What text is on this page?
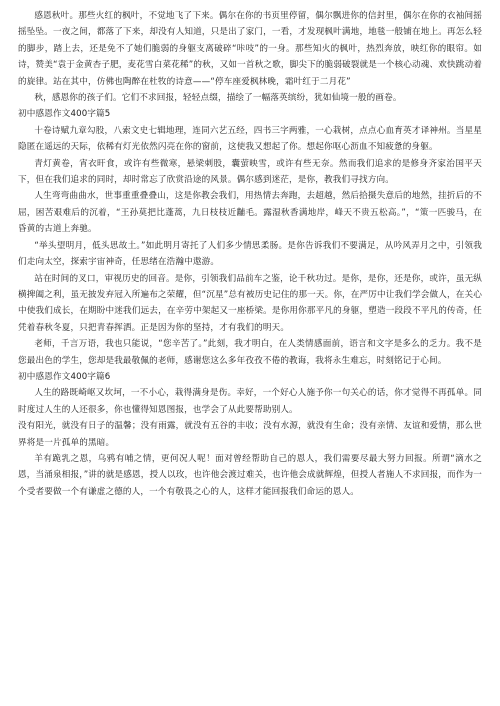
感恩秋叶。那些火红的枫叶，不觉地飞了下来。偶尔在你的书页里停留，偶尔飘进你的信封里，偶尔在你的衣袖间摇摇坠坠。一夜之间，都落了下来，却没有人知道，只是出了家门，一看，才发现枫叶满地，地毯一般铺在地上。再怎么轻的脚步，踏上去，还是免不了她们脆弱的身躯支离破碎“咔吱”的一身。那些知火的枫叶，热烈奔放，映红你的眼帘。如诗，赞美“袁于金黄杏子肥，麦花雪白菜花稀”的秋，又如一首秋之歌，脚尖下的脆弱破裂就是一个核心动魂、欢快跳动着的旋律。站在其中，仿佛也陶醉在杜牧的诗意——“停车座爱枫林晚，霜叶红于二月花”

秋，感恩你的孩子们。它们不求回报，轻轻点缀，描绘了一幅落英缤纷，犹如仙境一般的画卷。

初中感恩作文400字篇5

十卷诗赋九章勾股，八索文史七辑地理，连同六艺五经，四书三字两雅，一心栽树，点点心血育英才译神州。当星星隐匿在遥远的天际，依稀有灯光依然闪亮在你的窗前，这使我又想起了你。想起你呕心沥血不知疲惫的身躯。

青灯黄卷，宵衣旰食，或许有些微寒，悬梁刺股，囊萤映雪，或许有些无奈。然而我们追求的是修身齐家治国平天下，但在我们追求的同时，却时常忘了欣赏沿途的风景。偶尔感到迷茫，是你，教我们寻找方向。

人生弯弯曲曲水，世事重重叠叠山，这是你教会我们，用热情去奔跑，去超越，然后拾摄失意后的地然，挂折后的不屈，困苦艰难后的沉着，“王孙莫把比蓬蒿，九日枝枝近黼毛。露湿秋香满地岸，峰天不贵五松高。”，“策一匹骏马，在昏黄的古道上奔驰。

“举头望明月，低头思故土。”如此明月寄托了人们多少情思柔肠。是你告诉我们不要满足，从吟风弄月之中，引领我们走向太空，探索宇宙神奇，任思绪在浩瀚中遨游。

站在时间的叉口，审视历史的回音。是你，引领我们品前车之鉴，论千秋功过。是你，是你，还是你，或许，虽无纵横捭阖之利，虽无披发弃冠入所遍布之荣耀，但“沉星”总有被历史记住的那一天。你，在严厉中让我们学会做人，在关心中使我们成长，在期盼中迷我们远去，在辛劳中架起又一座桥梁。是你用你那平凡的身躯，塑造一段段不平凡的传奇，任凭着春秋冬夏，只把青春挥洒。正是因为你的坚持，才有我们的明天。

老师，千言万语，我也只能说，“您辛苦了。”此刻，我才明白，在人类情感面前，语言和文字是多么的乏力。我不是您最出色的学生，您却是我最敬佩的老师，感谢您这么多年孜孜不倦的教诲，我将永生难忘，时刻铭记于心间。

初中感恩作文400字篇6

人生的路既崎岖又坎坷，一不小心，栽得满身是伤。幸好，一个好心人施予你一句关心的话，你才觉得不再孤单。同时度过人生的人还很多，你也懂得知恩图报，也学会了从此要帮助别人。

没有阳光，就没有日子的温馨；没有雨露，就没有五谷的丰收；没有水源，就没有生命；没有亲情、友谊和爱情，那么世界将是一片孤单的黑暗。

羊有跪乳之恩，乌鸦有哺之情，更何况人呢！面对曾经帮助自己的恩人，我们需要尽最大努力回报。所谓“滴水之恩，当涌泉相报，”讲的就是感恩，授人以玫，也许他会渡过难关，也许他会成就辉煌，但授人者施人不求回报，而作为一个受者要做一个有谦虚之德的人，一个有敬畏之心的人，这样才能回报我们命运的恩人。
